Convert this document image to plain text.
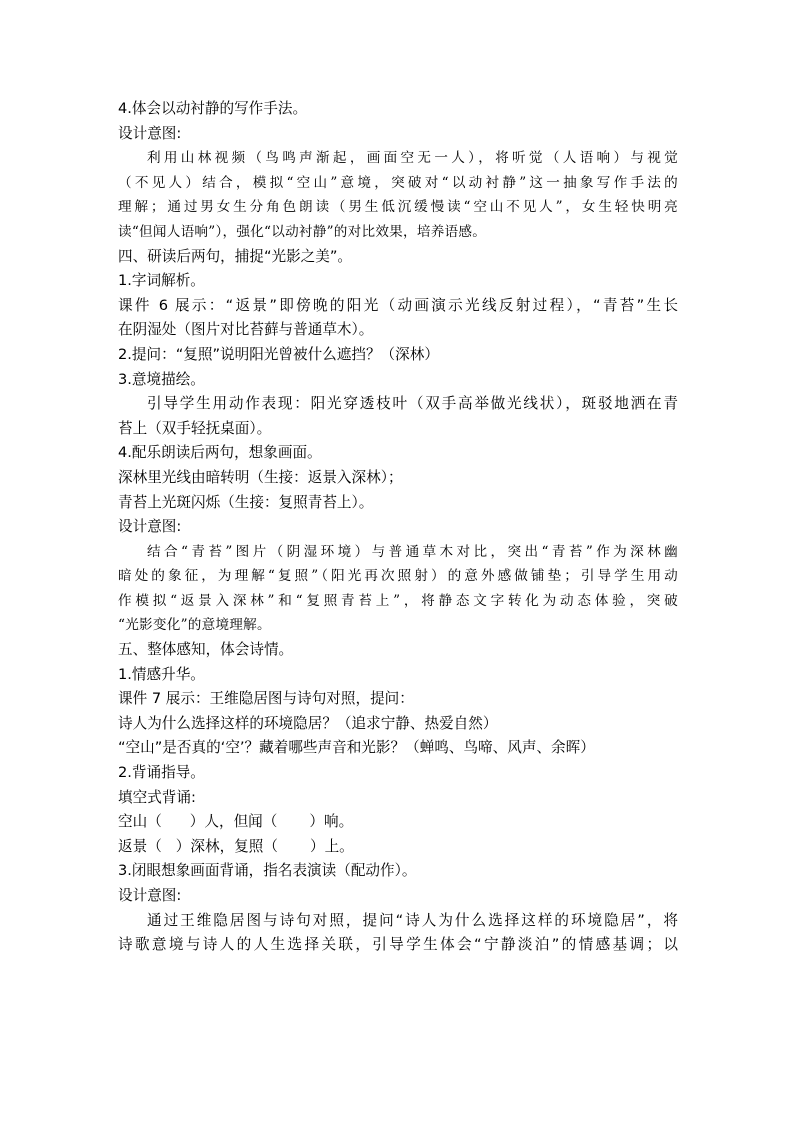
4.体会以动衬静的写作手法。
设计意图:
利用山林视频（鸟鸣声渐起，画面空无一人），将听觉（人语响）与视觉
（不见人）结合，模拟“空山”意境，突破对“以动衬静”这一抽象写作手法的
理解；通过男女生分角色朗读（男生低沉缓慢读“空山不见人”，女生轻快明亮
读“但闻人语响”），强化“以动衬静”的对比效果，培养语感。
四、研读后两句，捕捉“光影之美”。
1.字词解析。
课件 6 展示：“返景”即傍晚的阳光（动画演示光线反射过程），“青苔”生长
在阴湿处（图片对比苔藓与普通草木）。
2.提问：“复照”说明阳光曾被什么遮挡？（深林）
3.意境描绘。
引导学生用动作表现：阳光穿透枝叶（双手高举做光线状），斑驳地洒在青
苔上（双手轻抚桌面）。
4.配乐朗读后两句，想象画面。
深林里光线由暗转明（生接：返景入深林）；
青苔上光斑闪烁（生接：复照青苔上）。
设计意图:
结合“青苔”图片（阴湿环境）与普通草木对比，突出“青苔”作为深林幽
暗处的象征，为理解“复照”（阳光再次照射）的意外感做铺垫；引导学生用动
作模拟“返景入深林”和“复照青苔上”，将静态文字转化为动态体验，突破
“光影变化”的意境理解。
五、整体感知，体会诗情。
1.情感升华。
课件 7 展示：王维隐居图与诗句对照，提问：
诗人为什么选择这样的环境隐居？（追求宁静、热爱自然）
“空山”是否真的‘空’？藏着哪些声音和光影？（蝉鸣、鸟啼、风声、余晖）
2.背诵指导。
填空式背诵:
空山（ ）人，但闻（ ）响。
返景（ ）深林，复照（ ）上。
3.闭眼想象画面背诵，指名表演读（配动作）。
设计意图:
通过王维隐居图与诗句对照，提问“诗人为什么选择这样的环境隐居”，将
诗歌意境与诗人的人生选择关联，引导学生体会“宁静淡泊”的情感基调；以
